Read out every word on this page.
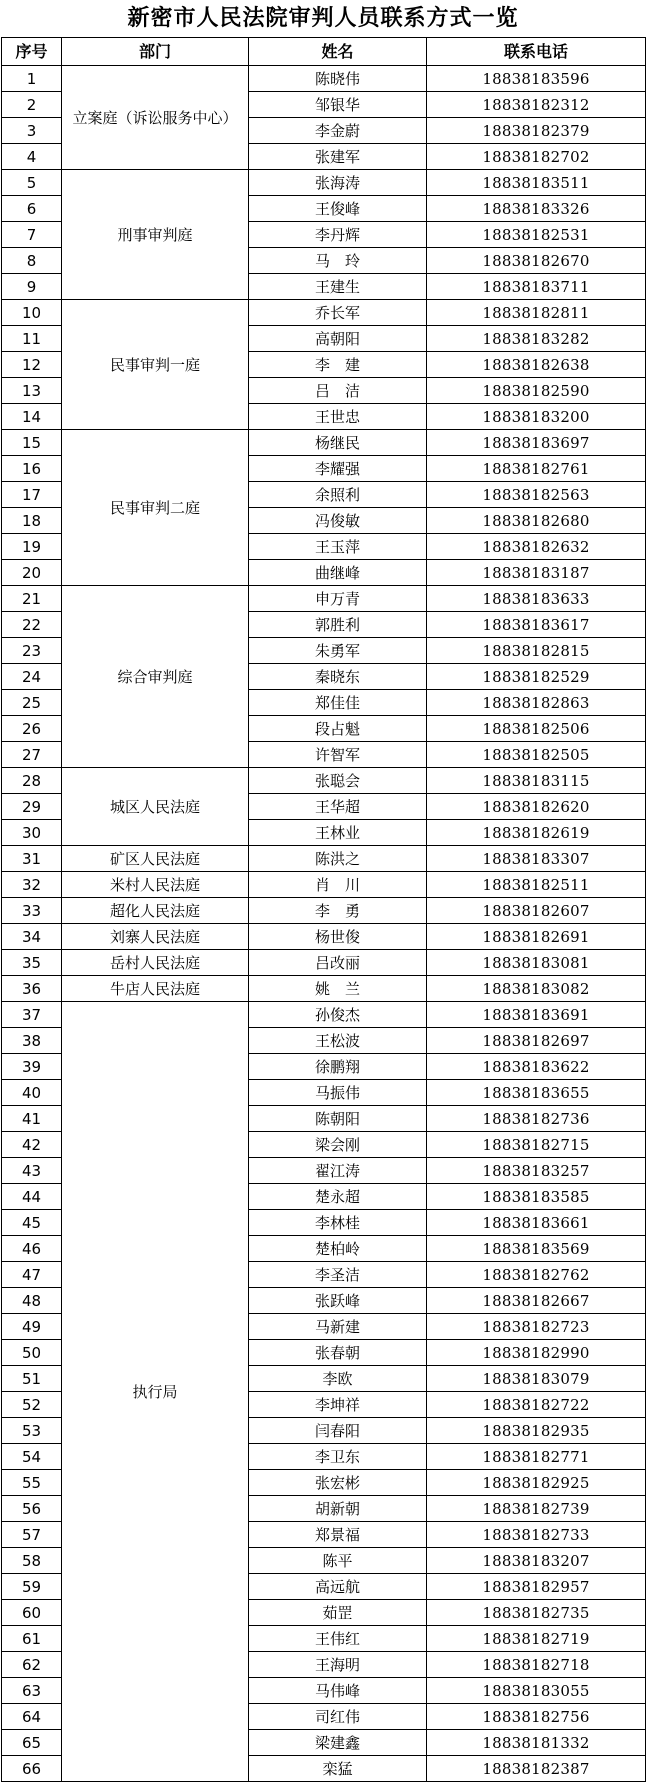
新密市人民法院审判人员联系方式一览
序号	部门	姓名	联系电话
1	立案庭（诉讼服务中心）	陈晓伟	18838183596
2		邹银华	18838182312
3		李金蔚	18838182379
4		张建军	18838182702
5	刑事审判庭	张海涛	18838183511
6		王俊峰	18838183326
7		李丹辉	18838182531
8		马　玲	18838182670
9		王建生	18838183711
10	民事审判一庭	乔长军	18838182811
11		高朝阳	18838183282
12		李　建	18838182638
13		吕　洁	18838182590
14		王世忠	18838183200
15	民事审判二庭	杨继民	18838183697
16		李耀强	18838182761
17		余照利	18838182563
18		冯俊敏	18838182680
19		王玉萍	18838182632
20		曲继峰	18838183187
21	综合审判庭	申万青	18838183633
22		郭胜利	18838183617
23		朱勇军	18838182815
24		秦晓东	18838182529
25		郑佳佳	18838182863
26		段占魁	18838182506
27		许智军	18838182505
28	城区人民法庭	张聪会	18838183115
29		王华超	18838182620
30		王林业	18838182619
31	矿区人民法庭	陈洪之	18838183307
32	米村人民法庭	肖　川	18838182511
33	超化人民法庭	李　勇	18838182607
34	刘寨人民法庭	杨世俊	18838182691
35	岳村人民法庭	吕改丽	18838183081
36	牛店人民法庭	姚　兰	18838183082
37	执行局	孙俊杰	18838183691
38		王松波	18838182697
39		徐鹏翔	18838183622
40		马振伟	18838183655
41		陈朝阳	18838182736
42		梁会刚	18838182715
43		翟江涛	18838183257
44		楚永超	18838183585
45		李林桂	18838183661
46		楚柏岭	18838183569
47		李圣洁	18838182762
48		张跃峰	18838182667
49		马新建	18838182723
50		张春朝	18838182990
51		李欧	18838183079
52		李坤祥	18838182722
53		闫春阳	18838182935
54		李卫东	18838182771
55		张宏彬	18838182925
56		胡新朝	18838182739
57		郑景福	18838182733
58		陈平	18838183207
59		高远航	18838182957
60		茹罡	18838182735
61		王伟红	18838182719
62		王海明	18838182718
63		马伟峰	18838183055
64		司红伟	18838182756
65		梁建鑫	18838181332
66		栾猛	18838182387
